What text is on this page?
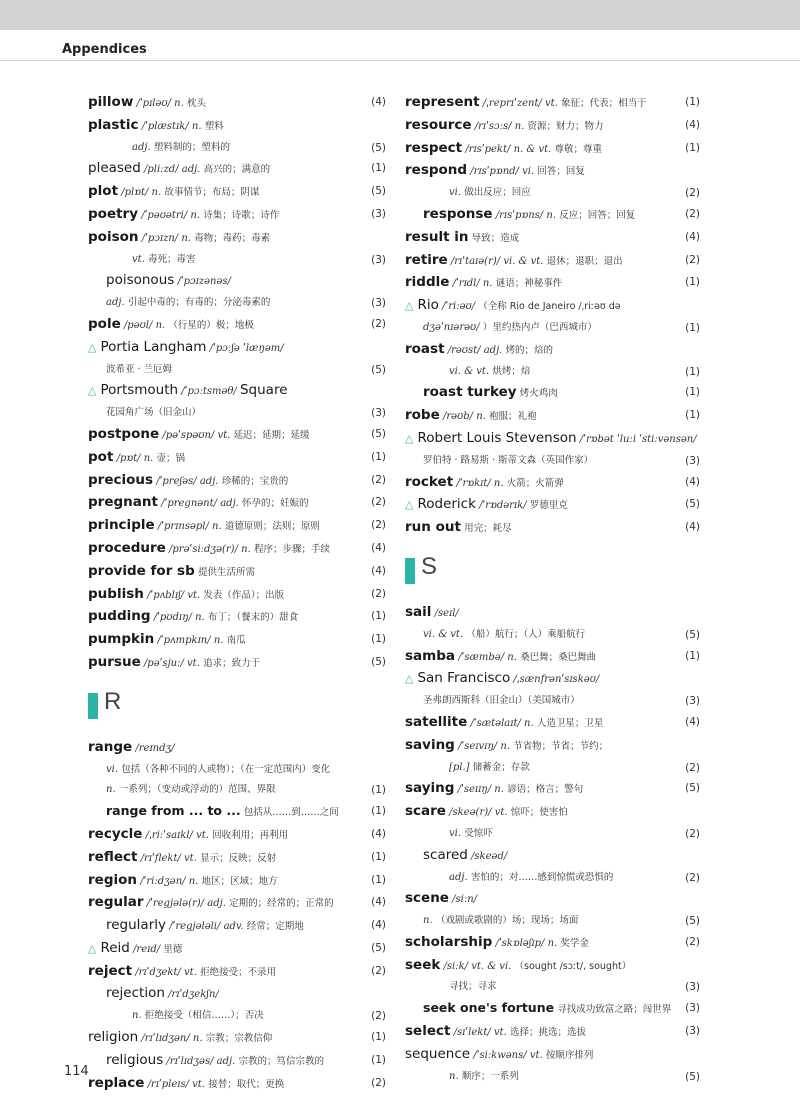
Appendices
pillow /ˈpɪləʊ/ n. 枕头	(4)
plastic /ˈplæstɪk/ n. 塑料
adj. 塑料制的；塑料的	(5)
pleased /pliːzd/ adj. 高兴的；满意的	(1)
plot /plɒt/ n. 故事情节；布局；阴谋	(5)
poetry /ˈpəʊətri/ n. 诗集；诗歌；诗作	(3)
poison /ˈpɔɪzn/ n. 毒物；毒药；毒素
vt. 毒死；毒害	(3)
poisonous /ˈpɔɪzənəs/
adj. 引起中毒的；有毒的；分泌毒素的	(3)
pole /pəʊl/ n. （行星的）极；地极	(2)
△ Portia Langham /ˈpɔːʃə ˈlæŋəm/
波希亚 · 兰厄姆	(5)
△ Portsmouth /ˈpɔːtsməθ/ Square
花园角广场（旧金山）	(3)
postpone /pəˈspəʊn/ vt. 延迟；延期；延缓	(5)
pot /pɒt/ n. 壶；锅	(1)
precious /ˈpreʃəs/ adj. 珍稀的；宝贵的	(2)
pregnant /ˈpregnənt/ adj. 怀孕的；妊娠的	(2)
principle /ˈprɪnsəpl/ n. 道德原则；法则；原则	(2)
procedure /prəˈsiːdʒə(r)/ n. 程序；步骤；手续	(4)
provide for sb 提供生活所需	(4)
publish /ˈpʌblɪʃ/ vt. 发表（作品）；出版	(2)
pudding /ˈpʊdɪŋ/ n. 布丁；（餐末的）甜食	(1)
pumpkin /ˈpʌmpkɪn/ n. 南瓜	(1)
pursue /pəˈsjuː/ vt. 追求；致力于	(5)
R
range /reɪndʒ/
vi. 包括（各种不同的人或物）；（在一定范围内）变化
n. 一系列；（变动或浮动的）范围、界限	(1)
range from ... to ... 包括从……到……之间	(1)
recycle /ˌriːˈsaɪkl/ vt. 回收利用；再利用	(4)
reflect /rɪˈflekt/ vt. 显示；反映；反射	(1)
region /ˈriːdʒən/ n. 地区；区域；地方	(1)
regular /ˈregjələ(r)/ adj. 定期的；经常的；正常的	(4)
regularly /ˈregjələli/ adv. 经常；定期地	(4)
△ Reid /reɪd/ 里德	(5)
reject /rɪˈdʒekt/ vt. 拒绝接受；不录用	(2)
rejection /rɪˈdʒekʃn/
n. 拒绝接受（相信……）；否决	(2)
religion /rɪˈlɪdʒən/ n. 宗教；宗教信仰	(1)
religious /rɪˈlɪdʒəs/ adj. 宗教的；笃信宗教的	(1)
replace /rɪˈpleɪs/ vt. 接替；取代；更换	(2)
represent /ˌreprɪˈzent/ vt. 象征；代表；相当于	(1)
resource /rɪˈsɔːs/ n. 资源；财力；物力	(4)
respect /rɪsˈpekt/ n. & vt. 尊敬；尊重	(1)
respond /rɪsˈpɒnd/ vi. 回答；回复
vi. 做出反应；回应	(2)
response /rɪsˈpɒns/ n. 反应；回答；回复	(2)
result in 导致；造成	(4)
retire /rɪˈtaɪə(r)/ vi. & vt. 退休；退职；退出	(2)
riddle /ˈrɪdl/ n. 谜语；神秘事件	(1)
△ Rio /ˈriːəʊ/ （全称 Rio de Janeiro /ˌriːəʊ də
dʒəˈnɪərəʊ/ ）里约热内卢（巴西城市）	(1)
roast /rəʊst/ adj. 烤的；焙的
vi. & vt. 烘烤；焙	(1)
roast turkey 烤火鸡肉	(1)
robe /rəʊb/ n. 袍服；礼袍	(1)
△ Robert Louis Stevenson /ˈrɒbət ˈluːi ˈstiːvənsən/
罗伯特 · 路易斯 · 斯蒂文森（英国作家）	(3)
rocket /ˈrɒkɪt/ n. 火箭；火箭弹	(4)
△ Roderick /ˈrɒdərɪk/ 罗德里克	(5)
run out 用完；耗尽	(4)
S
sail /seɪl/
vi. & vt. （船）航行；（人）乘船航行	(5)
samba /ˈsæmbə/ n. 桑巴舞；桑巴舞曲	(1)
△ San Francisco /ˌsænfrənˈsɪskəʊ/
圣弗朗西斯科（旧金山）（美国城市）	(3)
satellite /ˈsætəlaɪt/ n. 人造卫星；卫星	(4)
saving /ˈseɪvɪŋ/ n. 节省物；节省；节约；
[pl.] 储蓄金；存款	(2)
saying /ˈseɪɪŋ/ n. 谚语；格言；警句	(5)
scare /skeə(r)/ vt. 惊吓；使害怕
vi. 受惊吓	(2)
scared /skeəd/
adj. 害怕的；对……感到惊慌或恐惧的	(2)
scene /siːn/
n. （戏剧或歌剧的）场；现场；场面	(5)
scholarship /ˈskɒləʃɪp/ n. 奖学金	(2)
seek /siːk/ vt. & vi. （sought /sɔːt/, sought）
寻找；寻求	(3)
seek one's fortune 寻找成功致富之路；闯世界 (3)
select /sɪˈlekt/ vt. 选择；挑选；选拔	(3)
sequence /ˈsiːkwəns/ vt. 按顺序排列
n. 顺序；一系列	(5)
114
